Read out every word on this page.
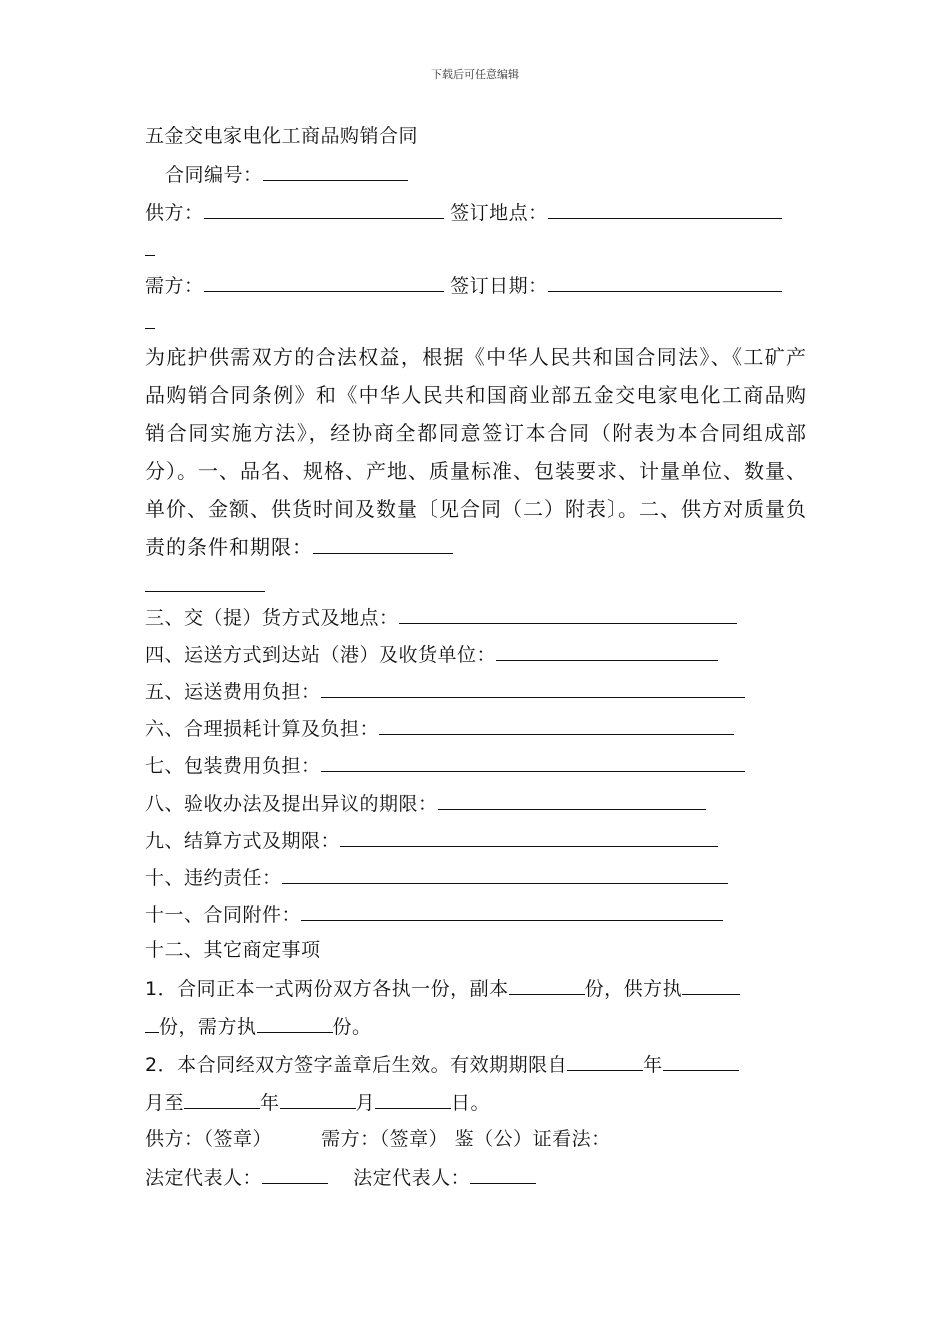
下载后可任意编辑
五金交电家电化工商品购销合同
合同编号：
供方：	签订地点：
需方：	签订日期：
为庇护供需双方的合法权益，根据《中华人民共和国合同法》、《工矿产品购销合同条例》和《中华人民共和国商业部五金交电家电化工商品购销合同实施方法》，经协商全都同意签订本合同（附表为本合同组成部分）。一、品名、规格、产地、质量标准、包装要求、计量单位、数量、单价、金额、供货时间及数量〔见合同（二）附表〕。二、供方对质量负责的条件和期限：

三、交（提）货方式及地点：
四、运送方式到达站（港）及收货单位：
五、运送费用负担：
六、合理损耗计算及负担：
七、包装费用负担：
八、验收办法及提出异议的期限：
九、结算方式及期限：
十、违约责任：
十一、合同附件：
十二、其它商定事项
1．合同正本一式两份双方各执一份，副本	份，供方执
份，需方执	份。
2．本合同经双方签字盖章后生效。有效期期限自	年
月至	年	月	日。
供方：（签章）	需方：（签章） 鉴（公）证看法：
法定代表人：	法定代表人：
